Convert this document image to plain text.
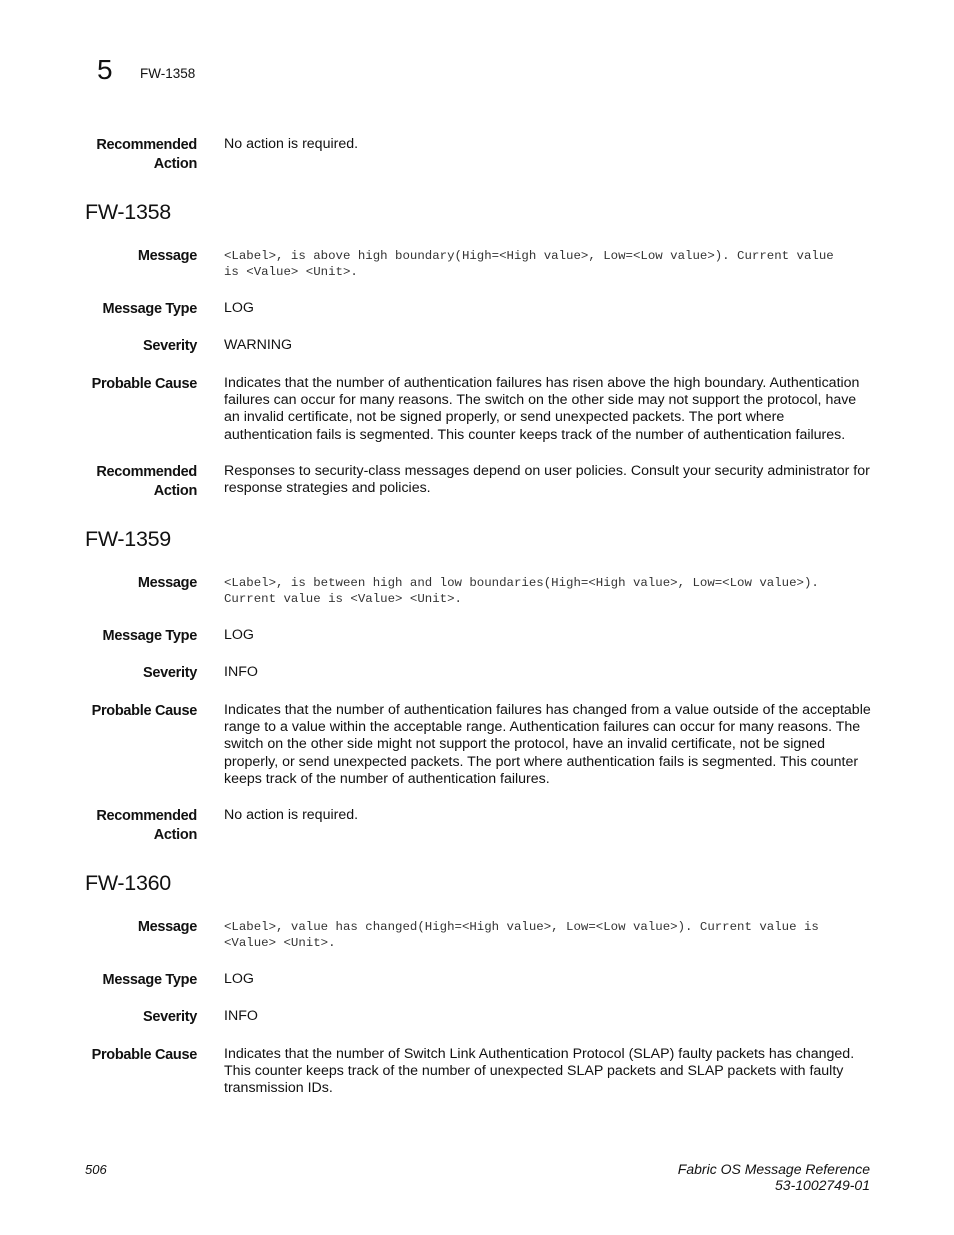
5 FW-1358
Recommended
Action
No action is required.
FW-1358
Message <Label>, is above high boundary(High=<High value>, Low=<Low value>). Current value
is <Value> <Unit>.
Message Type LOG
Severity WARNING
Probable Cause Indicates that the number of authentication failures has risen above the high boundary. Authentication failures can occur for many reasons. The switch on the other side may not support the protocol, have an invalid certificate, not be signed properly, or send unexpected packets. The port where authentication fails is segmented. This counter keeps track of the number of authentication failures.
Recommended
Action
Responses to security-class messages depend on user policies. Consult your security administrator for response strategies and policies.
FW-1359
Message <Label>, is between high and low boundaries(High=<High value>, Low=<Low value>).
Current value is <Value> <Unit>.
Message Type LOG
Severity INFO
Probable Cause Indicates that the number of authentication failures has changed from a value outside of the acceptable range to a value within the acceptable range. Authentication failures can occur for many reasons. The switch on the other side might not support the protocol, have an invalid certificate, not be signed properly, or send unexpected packets. The port where authentication fails is segmented. This counter keeps track of the number of authentication failures.
Recommended
Action
No action is required.
FW-1360
Message <Label>, value has changed(High=<High value>, Low=<Low value>). Current value is
<Value> <Unit>.
Message Type LOG
Severity INFO
Probable Cause Indicates that the number of Switch Link Authentication Protocol (SLAP) faulty packets has changed. This counter keeps track of the number of unexpected SLAP packets and SLAP packets with faulty transmission IDs.
506	Fabric OS Message Reference
53-1002749-01
